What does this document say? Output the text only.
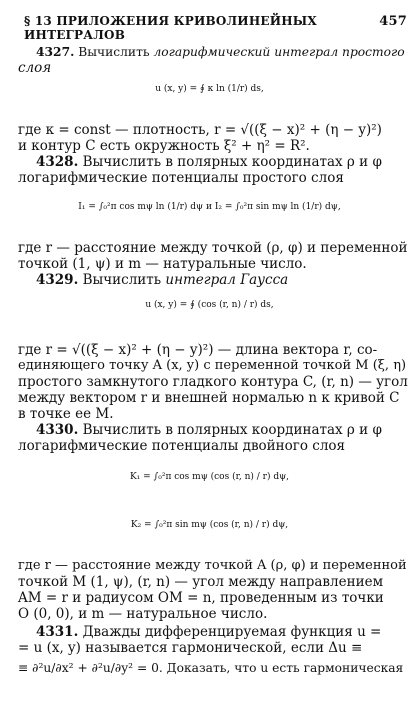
§ 13 ПРИЛОЖЕНИЯ КРИВОЛИНЕЙНЫХ ИНТЕГРАЛОВ
457
4327. Вычислить логарифмический интеграл простого
слоя
u (x, y) = ∮ κ ln (1/r) ds,
где κ = const — плотность, r = √((ξ − x)² + (η − y)²)
и контур C есть окружность ξ² + η² = R².
4328. Вычислить в полярных координатах ρ и φ
логарифмические потенциалы простого слоя
I₁ = ∫₀²π cos mψ ln (1/r) dψ и I₂ = ∫₀²π sin mψ ln (1/r) dψ,
где r — расстояние между точкой (ρ, φ) и переменной
точкой (1, ψ) и m — натуральные число.
4329. Вычислить интеграл Гаусса
u (x, y) = ∮ (cos (r, n) / r) ds,
где r = √((ξ − x)² + (η − y)²) — длина вектора r, со-
единяющего точку A (x, y) с переменной точкой M (ξ, η)
простого замкнутого гладкого контура C, (r, n) — угол
между вектором r и внешней нормалью n к кривой C
в точке ее M.
4330. Вычислить в полярных координатах ρ и φ
логарифмические потенциалы двойного слоя
K₁ = ∫₀²π cos mψ (cos (r, n) / r) dψ,
K₂ = ∫₀²π sin mψ (cos (r, n) / r) dψ,
где r — расстояние между точкой A (ρ, φ) и переменной
точкой M (1, ψ), (r, n) — угол между направлением
AM = r и радиусом OM = n, проведенным из точки
O (0, 0), и m — натуральное число.
4331. Дважды дифференцируемая функция u =
= u (x, y) называется гармонической, если Δu ≡
≡ ∂²u/∂x² + ∂²u/∂y² = 0. Доказать, что u есть гармоническая
